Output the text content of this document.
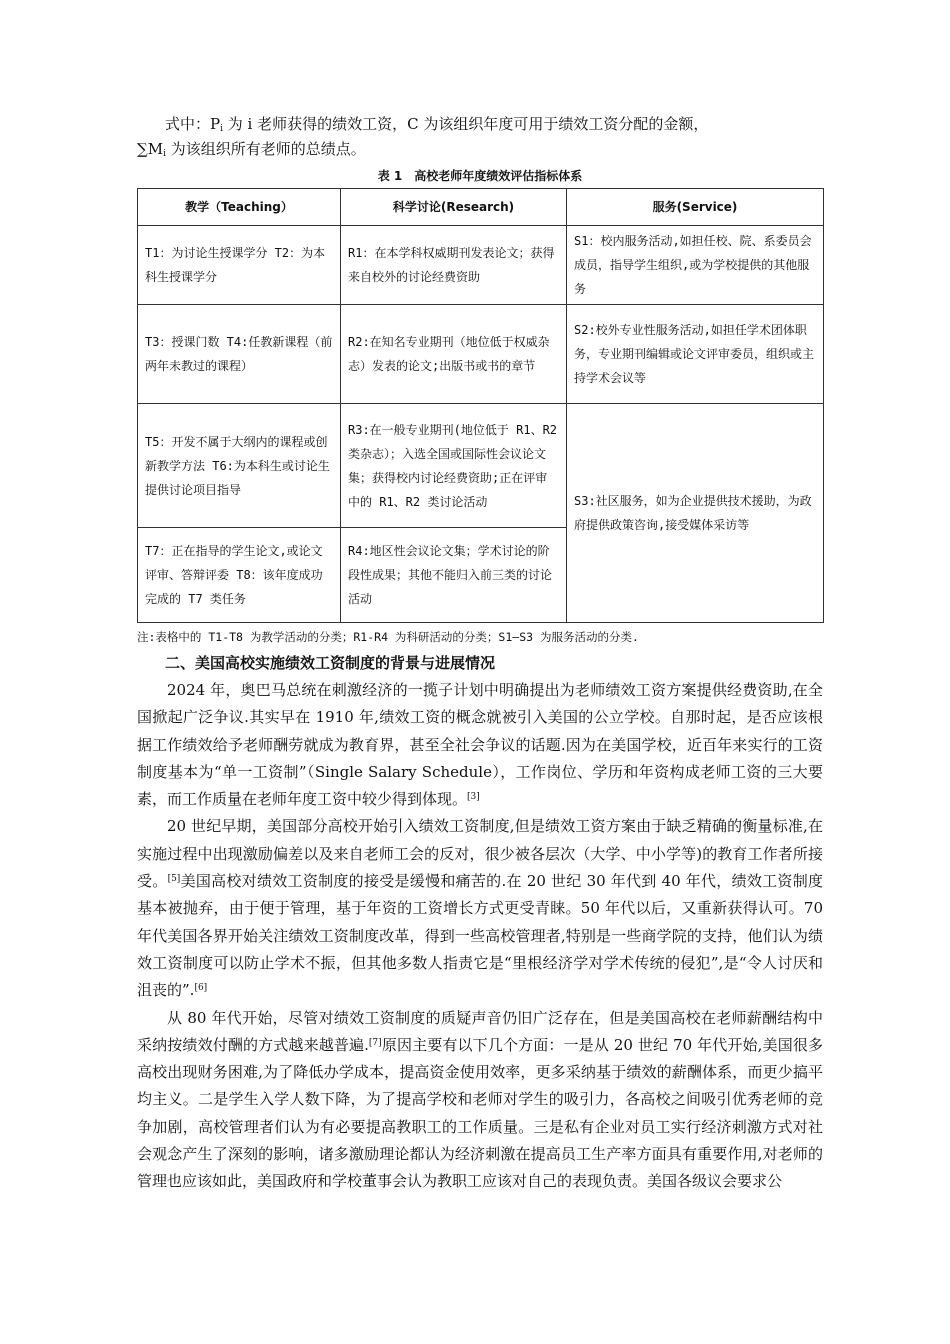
式中：$P_i$ 为 i 老师获得的绩效工资，C 为该组织年度可用于绩效工资分配的金额，

$\sum M_i$ 为该组织所有老师的总绩点。

表 1　高校老师年度绩效评估指标体系
教学（Teaching）	科学讨论(Research)	服务(Service)
T1：为讨论生授课学分 T2：为本科生授课学分	R1：在本学科权威期刊发表论文；获得来自校外的讨论经费资助	S1：校内服务活动,如担任校、院、系委员会成员，指导学生组织,或为学校提供的其他服务
T3：授课门数 T4:任教新课程（前两年未教过的课程）	R2:在知名专业期刊（地位低于权威杂志）发表的论文;出版书或书的章节	S2:校外专业性服务活动,如担任学术团体职务，专业期刊编辑或论文评审委员，组织或主持学术会议等
T5：开发不属于大纲内的课程或创新教学方法 T6:为本科生或讨论生提供讨论项目指导	R3:在一般专业期刊(地位低于 R1、R2 类杂志）；入选全国或国际性会议论文集；获得校内讨论经费资助;正在评审中的 R1、R2 类讨论活动	S3:社区服务，如为企业提供技术援助，为政府提供政策咨询,接受媒体采访等
T7：正在指导的学生论文,或论文评审、答辩评委 T8：该年度成功完成的 T7 类任务	R4:地区性会议论文集；学术讨论的阶段性成果；其他不能归入前三类的讨论活动	
注:表格中的 T1-T8 为教学活动的分类；R1-R4 为科研活动的分类；S1—S3 为服务活动的分类.
二、美国高校实施绩效工资制度的背景与进展情况

2024 年，奥巴马总统在刺激经济的一揽子计划中明确提出为老师绩效工资方案提供经费资助,在全国掀起广泛争议.其实早在 1910 年,绩效工资的概念就被引入美国的公立学校。自那时起，是否应该根据工作绩效给予老师酬劳就成为教育界，甚至全社会争议的话题.因为在美国学校，近百年来实行的工资制度基本为“单一工资制”（Single Salary Schedule），工作岗位、学历和年资构成老师工资的三大要素，而工作质量在老师年度工资中较少得到体现。[3]

20 世纪早期，美国部分高校开始引入绩效工资制度,但是绩效工资方案由于缺乏精确的衡量标准,在实施过程中出现激励偏差以及来自老师工会的反对，很少被各层次（大学、中小学等)的教育工作者所接受。[5]美国高校对绩效工资制度的接受是缓慢和痛苦的.在 20 世纪 30 年代到 40 年代，绩效工资制度基本被抛弃，由于便于管理，基于年资的工资增长方式更受青睐。50 年代以后，又重新获得认可。70 年代美国各界开始关注绩效工资制度改革，得到一些高校管理者,特别是一些商学院的支持，他们认为绩效工资制度可以防止学术不振，但其他多数人指责它是“里根经济学对学术传统的侵犯”,是“令人讨厌和沮丧的”.[6]

从 80 年代开始，尽管对绩效工资制度的质疑声音仍旧广泛存在，但是美国高校在老师薪酬结构中采纳按绩效付酬的方式越来越普遍.[7]原因主要有以下几个方面：一是从 20 世纪 70 年代开始,美国很多高校出现财务困难,为了降低办学成本，提高资金使用效率，更多采纳基于绩效的薪酬体系，而更少搞平均主义。二是学生入学人数下降，为了提高学校和老师对学生的吸引力，各高校之间吸引优秀老师的竞争加剧，高校管理者们认为有必要提高教职工的工作质量。三是私有企业对员工实行经济刺激方式对社会观念产生了深刻的影响，诸多激励理论都认为经济刺激在提高员工生产率方面具有重要作用,对老师的管理也应该如此，美国政府和学校董事会认为教职工应该对自己的表现负责。美国各级议会要求公
